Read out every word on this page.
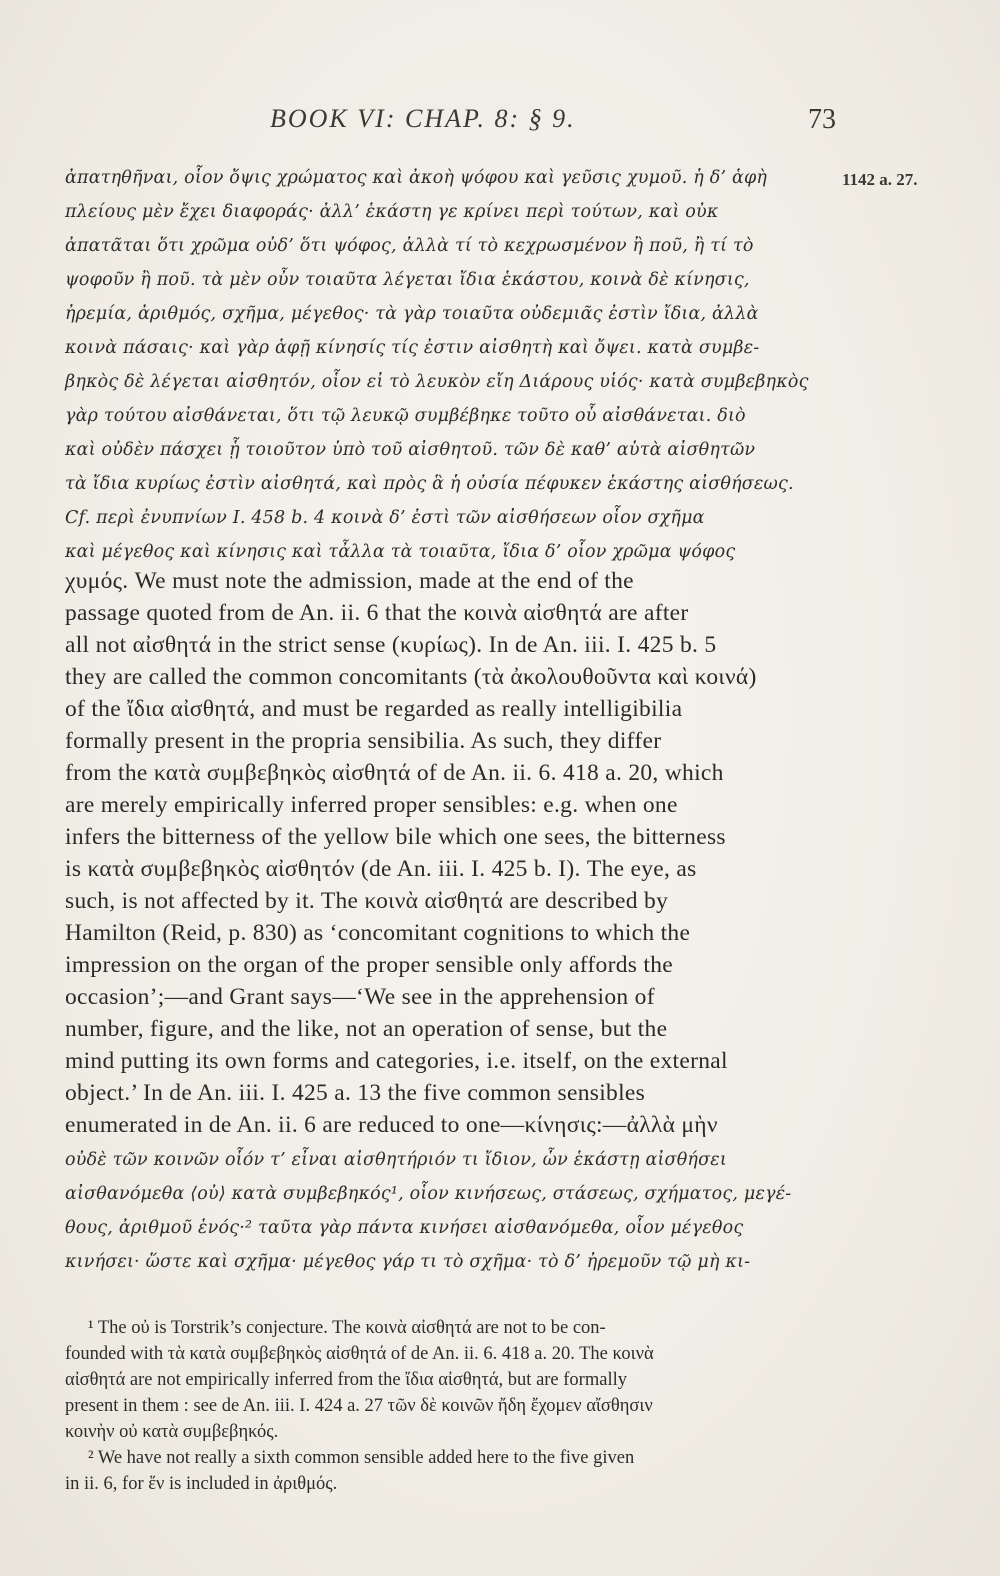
BOOK VI: CHAP. 8: § 9.	73
1142 a. 27.
ἀπατηθῆναι, οἷον ὄψις χρώματος καὶ ἀκοὴ ψόφου καὶ γεῦσις χυμοῦ. ἡ δ’ ἁφὴ
πλείους μὲν ἔχει διαφοράς· ἀλλ’ ἑκάστη γε κρίνει περὶ τούτων, καὶ οὐκ
ἀπατᾶται ὅτι χρῶμα οὐδ’ ὅτι ψόφος, ἀλλὰ τί τὸ κεχρωσμένον ἢ ποῦ, ἢ τί τὸ
ψοφοῦν ἢ ποῦ. τὰ μὲν οὖν τοιαῦτα λέγεται ἴδια ἑκάστου, κοινὰ δὲ κίνησις,
ἠρεμία, ἀριθμός, σχῆμα, μέγεθος· τὰ γὰρ τοιαῦτα οὐδεμιᾶς ἐστὶν ἴδια, ἀλλὰ
κοινὰ πάσαις· καὶ γὰρ ἁφῇ κίνησίς τίς ἐστιν αἰσθητὴ καὶ ὄψει. κατὰ συμβε-
βηκὸς δὲ λέγεται αἰσθητόν, οἷον εἰ τὸ λευκὸν εἴη Διάρους υἱός· κατὰ συμβεβηκὸς
γὰρ τούτου αἰσθάνεται, ὅτι τῷ λευκῷ συμβέβηκε τοῦτο οὗ αἰσθάνεται. διὸ
καὶ οὐδὲν πάσχει ᾗ τοιοῦτον ὑπὸ τοῦ αἰσθητοῦ. τῶν δὲ καθ’ αὑτὰ αἰσθητῶν
τὰ ἴδια κυρίως ἐστὶν αἰσθητά, καὶ πρὸς ἃ ἡ οὐσία πέφυκεν ἑκάστης αἰσθήσεως.
Cf. περὶ ἐνυπνίων I. 458 b. 4 κοινὰ δ’ ἐστὶ τῶν αἰσθήσεων οἷον σχῆμα
καὶ μέγεθος καὶ κίνησις καὶ τἆλλα τὰ τοιαῦτα, ἴδια δ’ οἷον χρῶμα ψόφος
χυμός. We must note the admission, made at the end of the
passage quoted from de An. ii. 6 that the κοινὰ αἰσθητά are after
all not αἰσθητά in the strict sense (κυρίως). In de An. iii. I. 425 b. 5
they are called the common concomitants (τὰ ἀκολουθοῦντα καὶ κοινά)
of the ἴδια αἰσθητά, and must be regarded as really intelligibilia
formally present in the propria sensibilia. As such, they differ
from the κατὰ συμβεβηκὸς αἰσθητά of de An. ii. 6. 418 a. 20, which
are merely empirically inferred proper sensibles: e.g. when one
infers the bitterness of the yellow bile which one sees, the bitterness
is κατὰ συμβεβηκὸς αἰσθητόν (de An. iii. I. 425 b. I). The eye, as
such, is not affected by it. The κοινὰ αἰσθητά are described by
Hamilton (Reid, p. 830) as ‘concomitant cognitions to which the
impression on the organ of the proper sensible only affords the
occasion’;—and Grant says—‘We see in the apprehension of
number, figure, and the like, not an operation of sense, but the
mind putting its own forms and categories, i.e. itself, on the external
object.’ In de An. iii. I. 425 a. 13 the five common sensibles
enumerated in de An. ii. 6 are reduced to one—κίνησις:—ἀλλὰ μὴν
οὐδὲ τῶν κοινῶν οἷόν τ’ εἶναι αἰσθητήριόν τι ἴδιον, ὧν ἑκάστῃ αἰσθήσει
αἰσθανόμεθα ⟨οὐ⟩ κατὰ συμβεβηκός¹, οἷον κινήσεως, στάσεως, σχήματος, μεγέ-
θους, ἀριθμοῦ ἑνός·² ταῦτα γὰρ πάντα κινήσει αἰσθανόμεθα, οἷον μέγεθος
κινήσει· ὥστε καὶ σχῆμα· μέγεθος γάρ τι τὸ σχῆμα· τὸ δ’ ἠρεμοῦν τῷ μὴ κι-
¹ The οὐ is Torstrik’s conjecture. The κοινὰ αἰσθητά are not to be con-
founded with τὰ κατὰ συμβεβηκὸς αἰσθητά of de An. ii. 6. 418 a. 20. The κοινὰ
αἰσθητά are not empirically inferred from the ἴδια αἰσθητά, but are formally
present in them : see de An. iii. I. 424 a. 27 τῶν δὲ κοινῶν ἤδη ἔχομεν αἴσθησιν
κοινὴν οὐ κατὰ συμβεβηκός.
² We have not really a sixth common sensible added here to the five given
in ii. 6, for ἕν is included in ἀριθμός.
